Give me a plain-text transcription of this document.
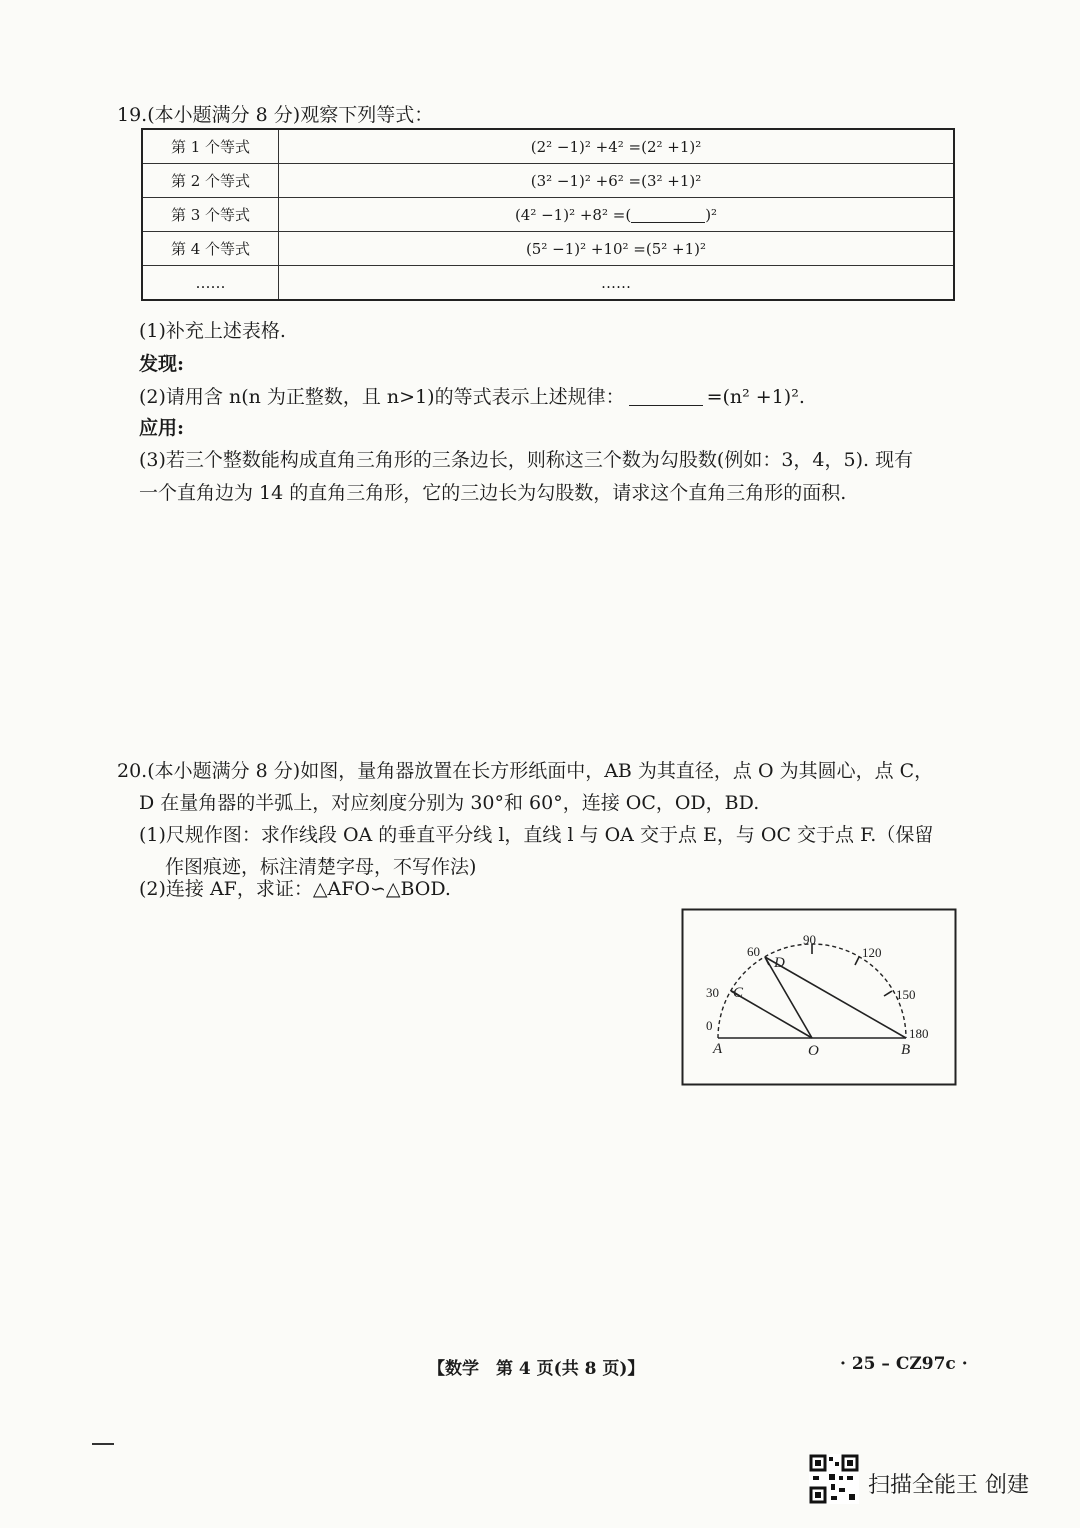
19.(本小题满分 8 分)观察下列等式：
第 1 个等式	(2² −1)² +4² =(2² +1)²
第 2 个等式	(3² −1)² +6² =(3² +1)²
第 3 个等式	(4² −1)² +8² =( )²
第 4 个等式	(5² −1)² +10² =(5² +1)²
……	……
(1)补充上述表格.
发现:
(2)请用含 n(n 为正整数，且 n>1)的等式表示上述规律：	=(n² +1)².
应用:
(3)若三个整数能构成直角三角形的三条边长，则称这三个数为勾股数(例如：3，4，5). 现有
一个直角边为 14 的直角三角形，它的三边长为勾股数，请求这个直角三角形的面积.
20.(本小题满分 8 分)如图，量角器放置在长方形纸面中，AB 为其直径，点 O 为其圆心，点 C，
D 在量角器的半弧上，对应刻度分别为 30°和 60°，连接 OC，OD，BD.
(1)尺规作图：求作线段 OA 的垂直平分线 l，直线 l 与 OA 交于点 E，与 OC 交于点 F.（保留
作图痕迹，标注清楚字母，不写作法)
(2)连接 AF，求证：△AFO∽△BOD.
0
30
60
90
120
150
180
A	O	B
C
D
【数学　第 4 页(共 8 页)】	· 25 – CZ97c ·
扫描全能王 创建
